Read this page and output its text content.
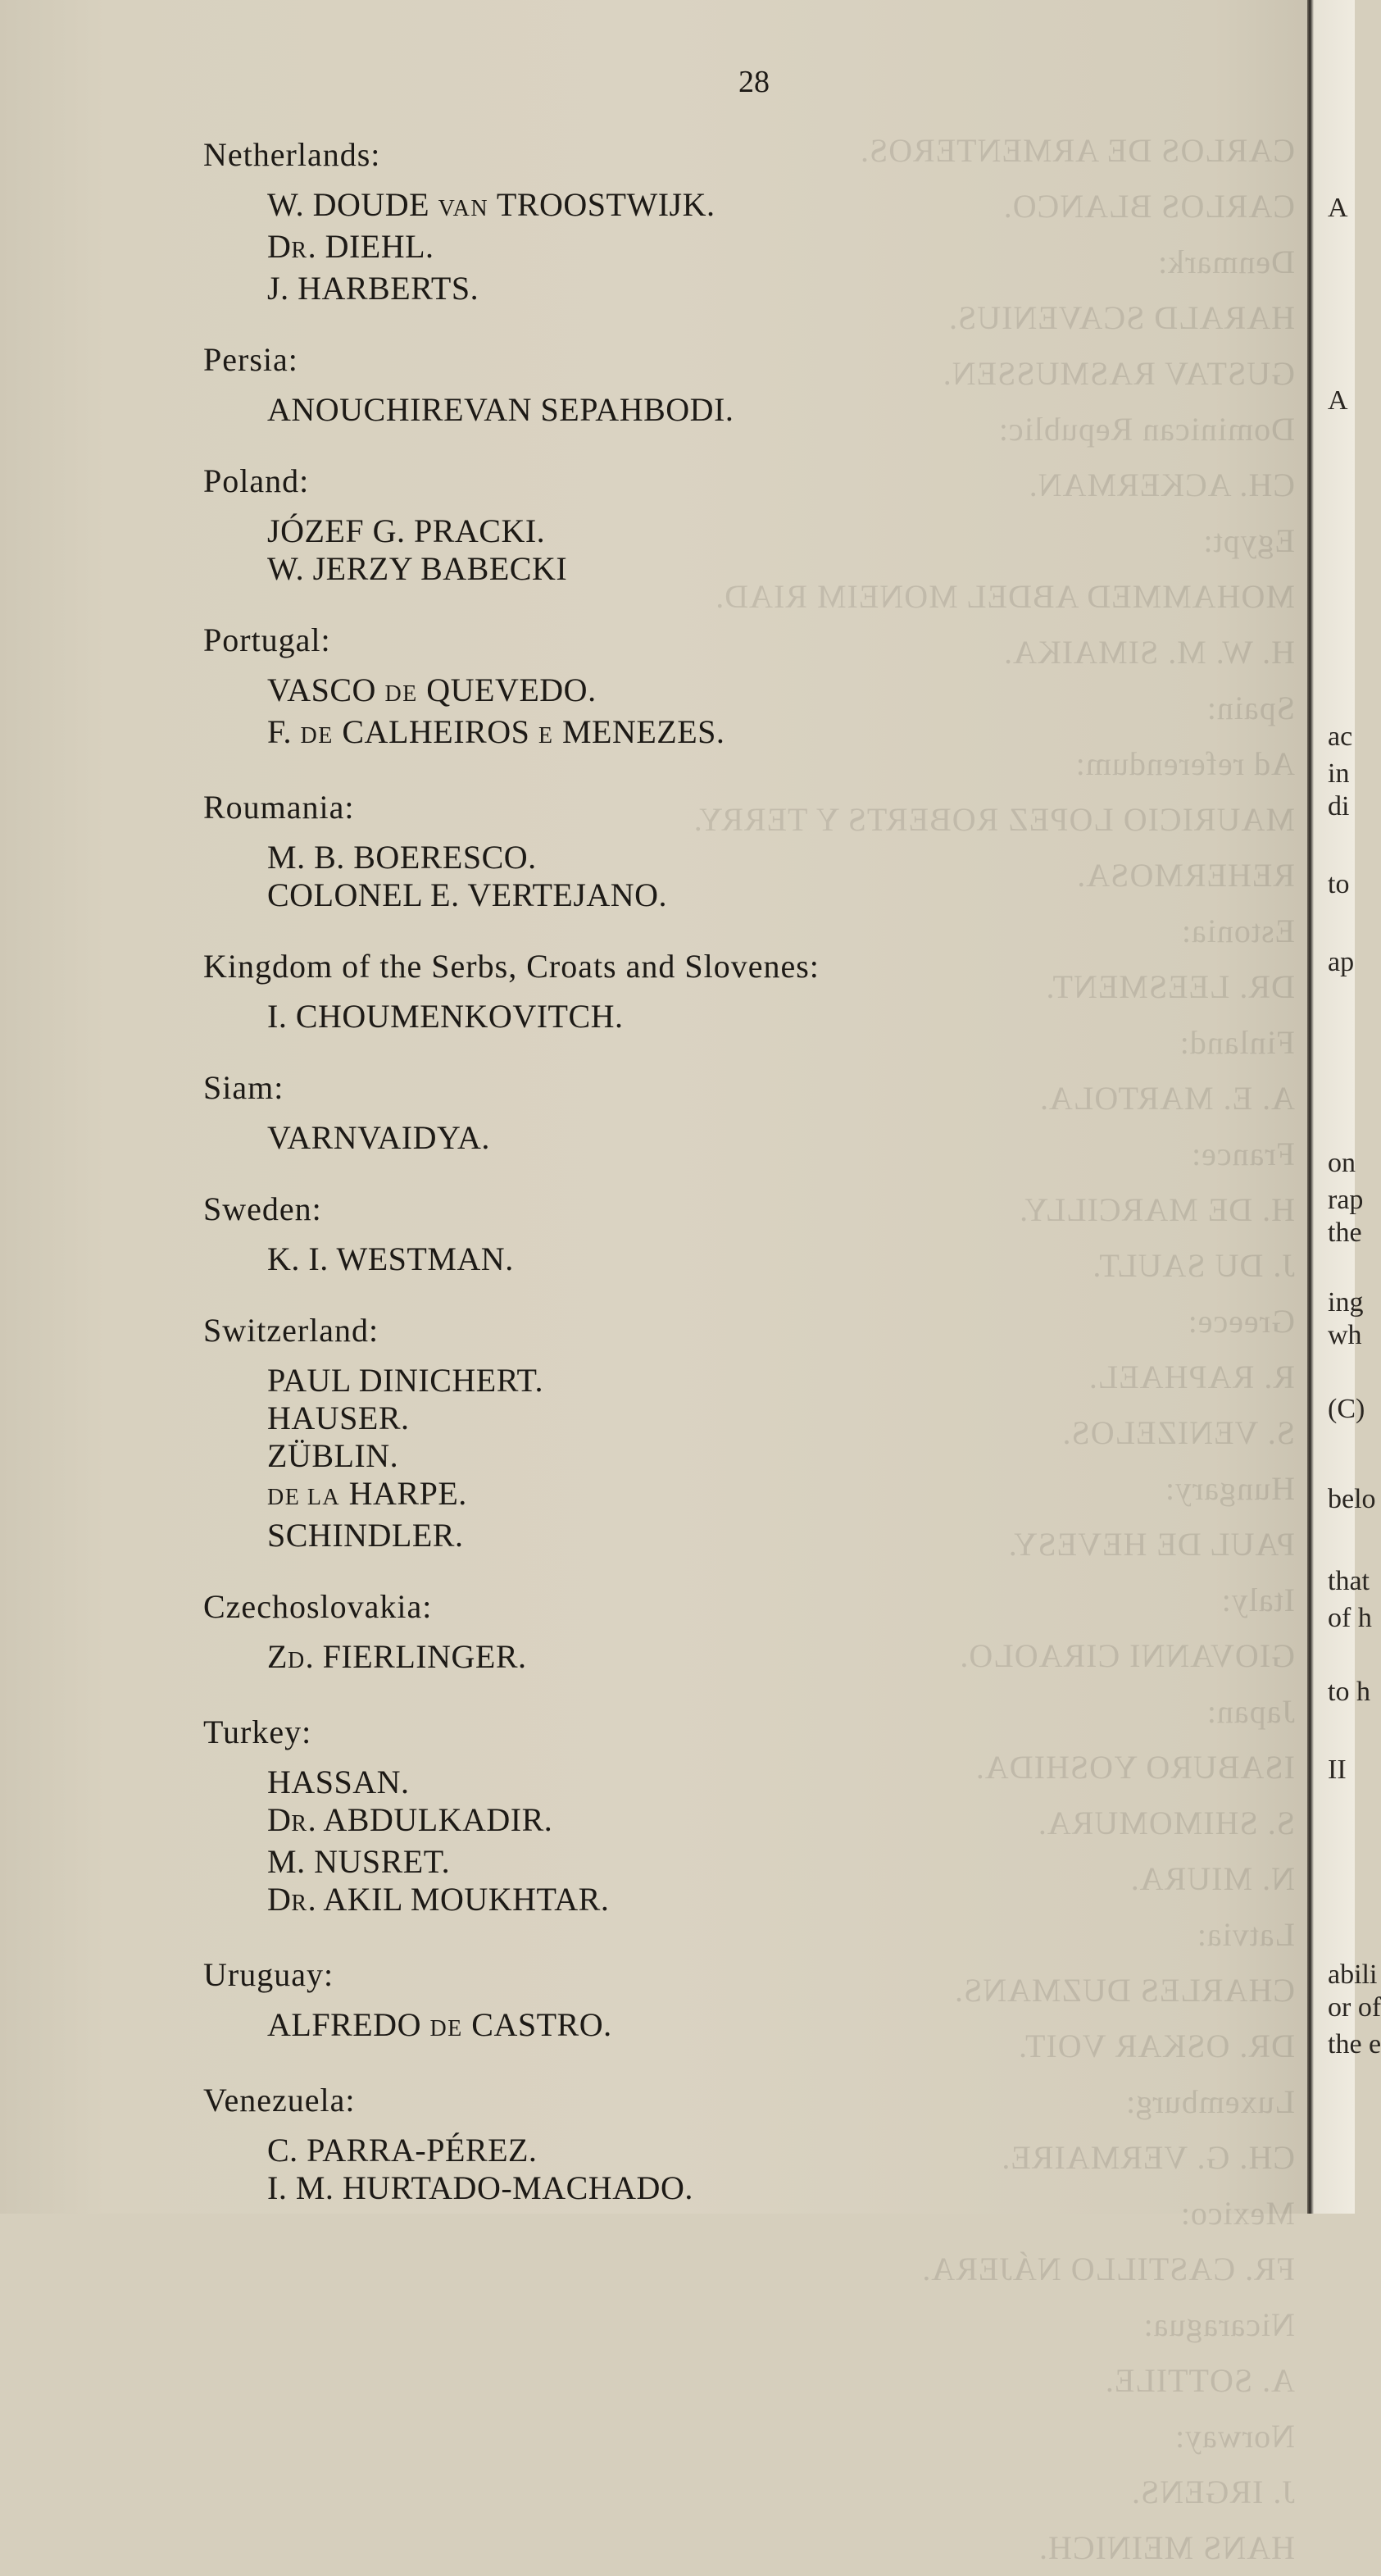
CARLOS DE ARMENTEROS.
CARLOS BLANCO.
Denmark:
HARALD SCAVENIUS.
GUSTAV RASMUSSEN.
Dominican Republic:
CH. ACKERMAN.
Egypt:
MOHAMMED ABDEL MONEIM RIAD.
H. W. M. SIMAIKA.
Spain:
Ad referendum:
MAURICIO LOPEZ ROBERTS Y TERRY.
REHERMOSA.
Estonia:
DR. LEESMENT.
Finland:
A. E. MARTOLA.
France:
H. DE MARCILLY.
J. DU SAULT.
Greece:
R. RAPHAEL.
S. VENIZELOS.
Hungary:
PAUL DE HEVESY.
Italy:
GIOVANNI CIRAOLO.
Japan:
ISABURO YOSHIDA.
S. SHIMOMURA.
N. MIURA.
Latvia:
CHARLES DUZMANS.
DR. OSKAR VOIT.
Luxemburg:
CH. G. VERMAIRE.
Mexico:
FR. CASTILLO NÁJERA.
Nicaragua:
A. SOTTILE.
Norway:
J. IRGENS.
HANS MEINICH.
A
A
ac
in
di
to
ap
on
rap
the
ing
wh
(C)
belo
that
of h
to h
II
abili
or of
the e
28
Netherlands:
W. DOUDE VAN TROOSTWIJK.
DR. DIEHL.
J. HARBERTS.
Persia:
ANOUCHIREVAN SEPAHBODI.
Poland:
JÓZEF G. PRACKI.
W. JERZY BABECKI
Portugal:
VASCO DE QUEVEDO.
F. DE CALHEIROS E MENEZES.
Roumania:
M. B. BOERESCO.
COLONEL E. VERTEJANO.
Kingdom of the Serbs, Croats and Slovenes:
I. CHOUMENKOVITCH.
Siam:
VARNVAIDYA.
Sweden:
K. I. WESTMAN.
Switzerland:
PAUL DINICHERT.
HAUSER.
ZÜBLIN.
DE LA HARPE.
SCHINDLER.
Czechoslovakia:
ZD. FIERLINGER.
Turkey:
HASSAN.
DR. ABDULKADIR.
M. NUSRET.
DR. AKIL MOUKHTAR.
Uruguay:
ALFREDO DE CASTRO.
Venezuela:
C. PARRA-PÉREZ.
I. M. HURTADO-MACHADO.
